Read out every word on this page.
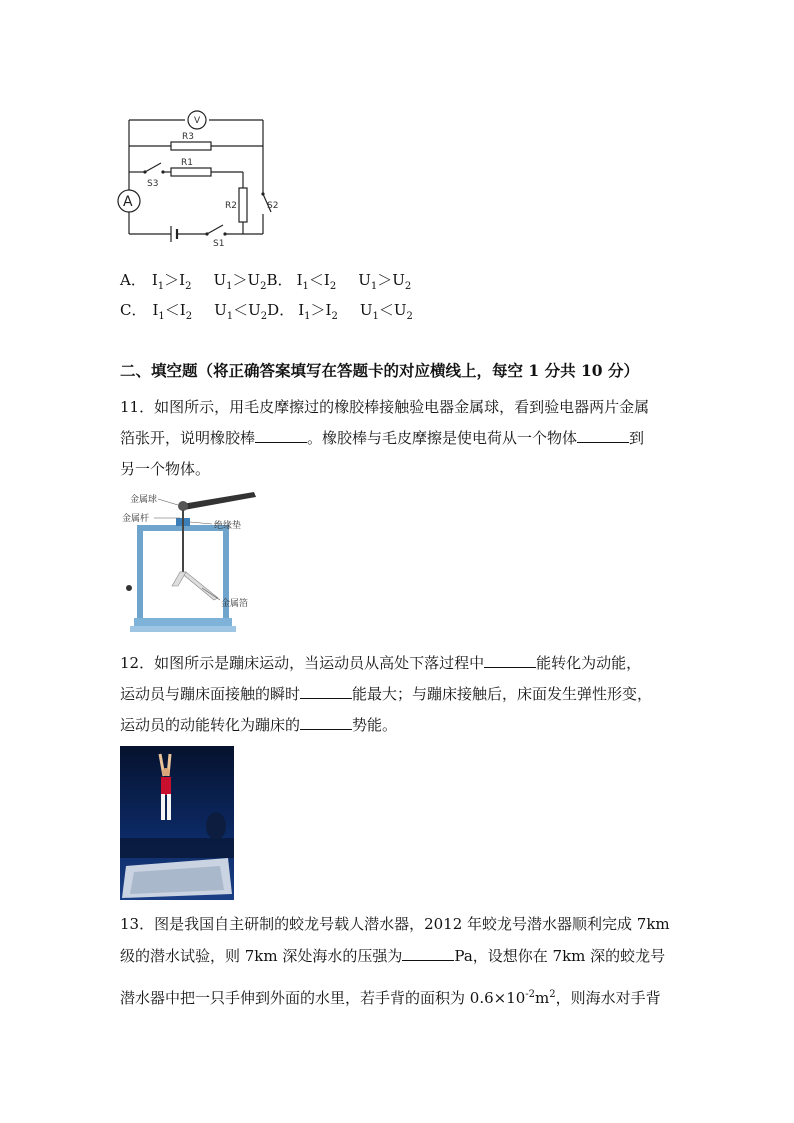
V
R3
R1
S3
A	R2	S2
S1
A． $I_1>I_2$ $U_1>U_2B$． $I_1<I_2$ $U_1>U_2$
C． $I_1<I_2$ $U_1<U_2D$． $I_1>I_2$ $U_1<U_2$
二、填空题（将正确答案填写在答题卡的对应横线上，每空 1 分共 10 分）
11．如图所示，用毛皮摩擦过的橡胶棒接触验电器金属球，看到验电器两片金属
箔张开，说明橡胶棒	。橡胶棒与毛皮摩擦是使电荷从一个物体	到
另一个物体。
金属球
金属杆
绝缘垫
金属箔
12．如图所示是蹦床运动，当运动员从高处下落过程中	能转化为动能，
运动员与蹦床面接触的瞬时	能最大；与蹦床接触后，床面发生弹性形变，
运动员的动能转化为蹦床的	势能。
13．图是我国自主研制的蛟龙号载人潜水器，2012 年蛟龙号潜水器顺利完成 7km
级的潜水试验，则 7km 深处海水的压强为	Pa，设想你在 7km 深的蛟龙号
潜水器中把一只手伸到外面的水里，若手背的面积为 $0.6\times 10^{-2}m^2$，则海水对手背
